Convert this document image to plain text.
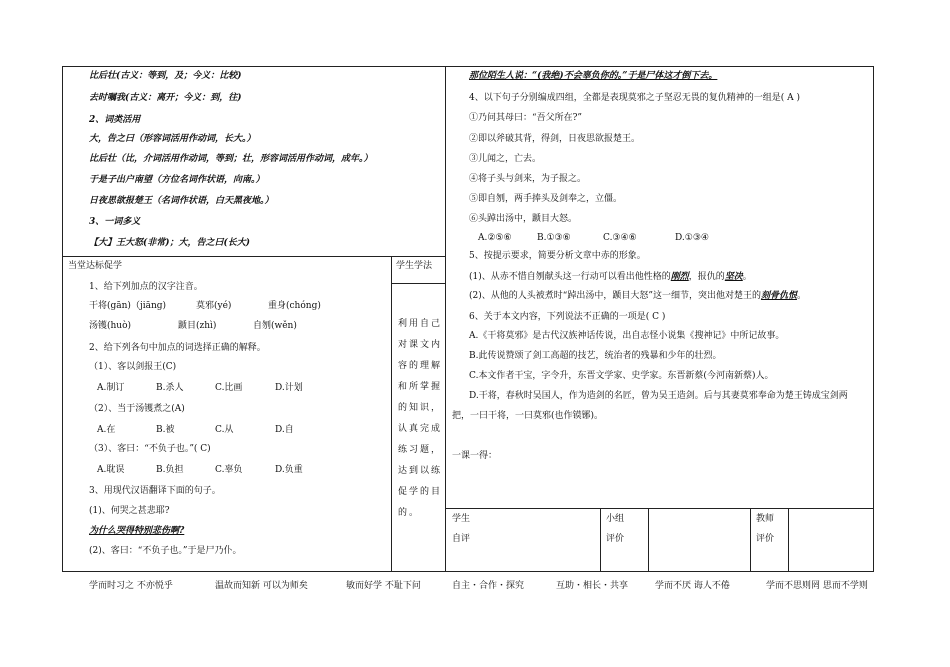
比后壮(古义：等到，及；今义：比较)
去时嘱我(古义：离开；今义：到，往)
2、词类活用
大，告之曰（形容词活用作动词，长大。）
比后壮（比，介词活用作动词，等到；壮，形容词活用作动词，成年。）
于是子出户南望（方位名词作状语，向南。）
日夜思欲报楚王（名词作状语，白天黑夜地。）
3、一词多义
【大】王大怒(非常)；大，告之曰(长大)
当堂达标促学	学生学法
利用自己对课文内容的理解和所掌握的知识，认真完成练习题，达到以练促学的目的。
1、给下列加点的汉字注音。
干将(gān)（jiāng)	莫邪(yé)	重身(chóng)
汤镬(huò)	踬目(zhì)	自刎(wěn)
2、给下列各句中加点的词选择正确的解释。
（1）、客以剑报王(C)
A.制订	B.杀人	C.比画	D.计划
（2）、当于汤镬煮之(A)
A.在	B.被	C.从	D.自
（3）、客曰：“不负子也。”( C)
A.耽误	B.负担	C.辜负	D.负重
3、用现代汉语翻译下面的句子。
(1)、何哭之甚悲耶?
为什么哭得特别悲伤啊?
(2)、客曰：“不负子也。”于是尸乃仆。
那位陌生人说：“(我绝)不会辜负你的。”于是尸体这才倒下去。
4、以下句子分别编成四组，全都是表现莫邪之子坚忍无畏的复仇精神的一组是( A )
①乃问其母曰：“吾父所在?”
②即以斧破其背，得剑，日夜思欲报楚王。
③儿闻之，亡去。
④将子头与剑来，为子报之。
⑤即自刎，两手捧头及剑奉之，立僵。
⑥头踔出汤中，踬目大怒。
A.②⑤⑥	B.①③⑥	C.③④⑥	D.①③④
5、按提示要求，简要分析文章中赤的形象。
(1)、从赤不惜自刎献头这一行动可以看出他性格的刚烈，报仇的坚决。
(2)、从他的人头被煮时“踔出汤中，踬目大怒”这一细节，突出他对楚王的刻骨仇恨。
6、关于本文内容，下列说法不正确的一项是( C )
A.《干将莫邪》是古代汉族神话传说，出自志怪小说集《搜神记》中所记故事。
B.此传说赞颂了剑工高超的技艺，统治者的残暴和少年的壮烈。
C.本文作者干宝，字令升，东晋文学家、史学家。东晋新蔡(今河南新蔡)人。
D.干将，春秋时吴国人，作为造剑的名匠，曾为吴王造剑。后与其妻莫邪奉命为楚王铸成宝剑两
把，一曰干将，一曰莫邪(也作镆铘)。
一课一得：
学生
自评
小组
评价
教师
评价
学而时习之 不亦悦乎	温故而知新 可以为师矣	敏而好学 不耻下问	自主・合作・探究	互助・相长・共享	学而不厌 诲人不倦	学而不思则罔 思而不学则
